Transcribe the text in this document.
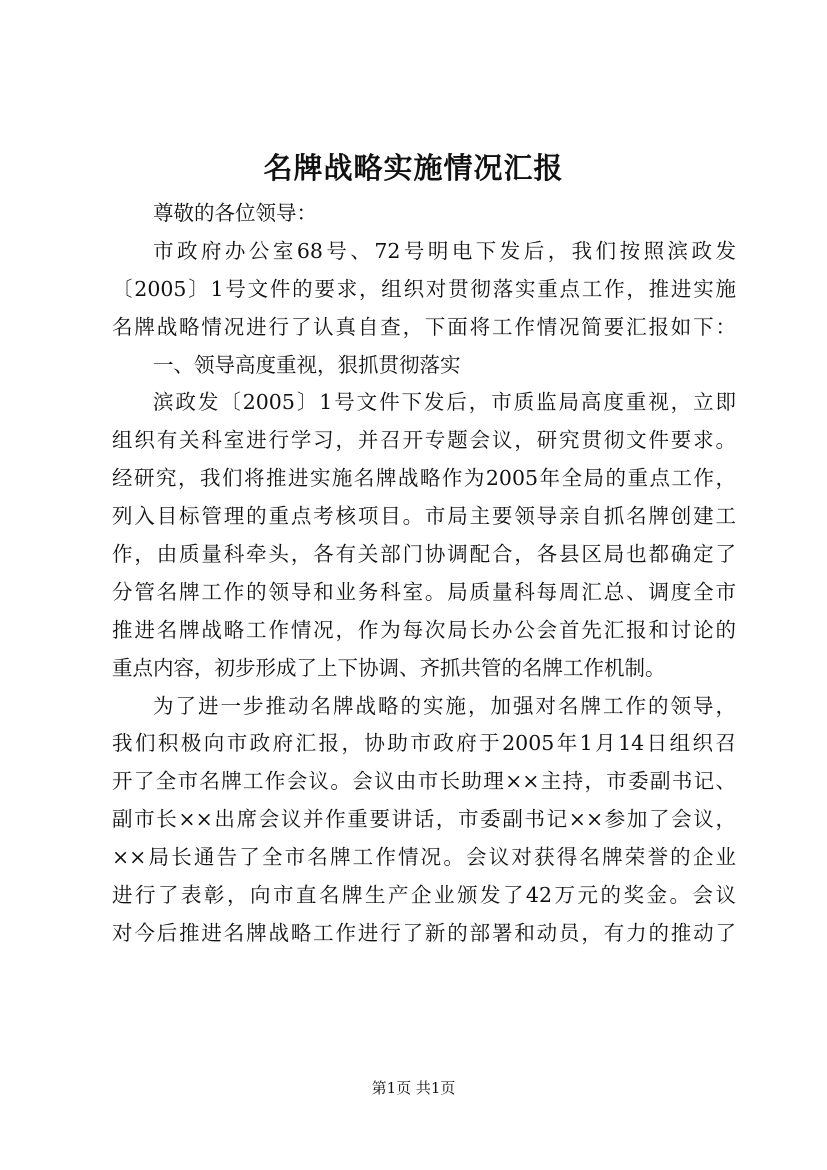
名牌战略实施情况汇报
尊敬的各位领导：
市政府办公室68号、72号明电下发后，我们按照滨政发
〔2005〕1号文件的要求，组织对贯彻落实重点工作，推进实施
名牌战略情况进行了认真自查，下面将工作情况简要汇报如下：
一、领导高度重视，狠抓贯彻落实
滨政发〔2005〕1号文件下发后，市质监局高度重视，立即
组织有关科室进行学习，并召开专题会议，研究贯彻文件要求。
经研究，我们将推进实施名牌战略作为2005年全局的重点工作，
列入目标管理的重点考核项目。市局主要领导亲自抓名牌创建工
作，由质量科牵头，各有关部门协调配合，各县区局也都确定了
分管名牌工作的领导和业务科室。局质量科每周汇总、调度全市
推进名牌战略工作情况，作为每次局长办公会首先汇报和讨论的
重点内容，初步形成了上下协调、齐抓共管的名牌工作机制。
为了进一步推动名牌战略的实施，加强对名牌工作的领导，
我们积极向市政府汇报，协助市政府于2005年1月14日组织召
开了全市名牌工作会议。会议由市长助理××主持，市委副书记、
副市长××出席会议并作重要讲话，市委副书记××参加了会议，
××局长通告了全市名牌工作情况。会议对获得名牌荣誉的企业
进行了表彰，向市直名牌生产企业颁发了42万元的奖金。会议
对今后推进名牌战略工作进行了新的部署和动员，有力的推动了
第1页 共1页
